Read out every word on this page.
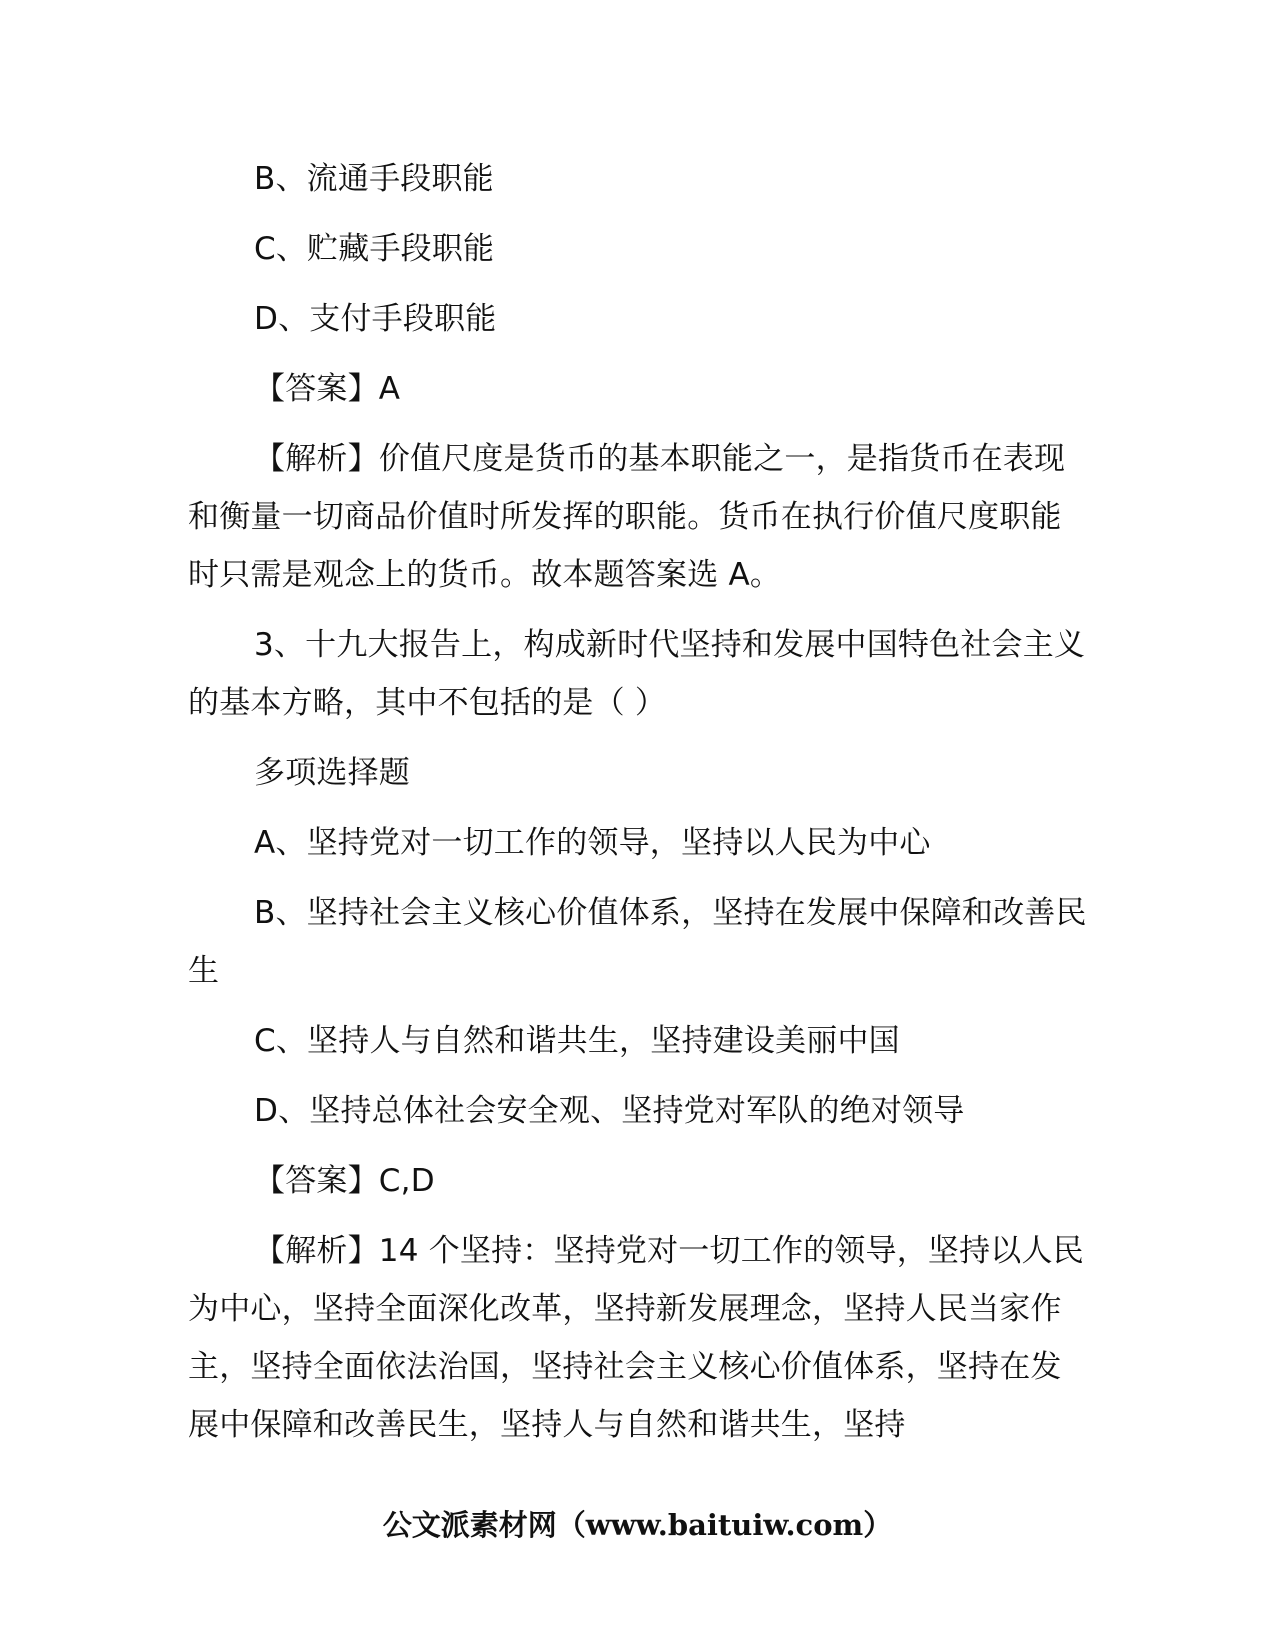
B、流通手段职能

C、贮藏手段职能

D、支付手段职能

【答案】A

【解析】价值尺度是货币的基本职能之一，是指货币在表现和衡量一切商品价值时所发挥的职能。货币在执行价值尺度职能时只需是观念上的货币。故本题答案选 A。

3、十九大报告上，构成新时代坚持和发展中国特色社会主义的基本方略，其中不包括的是（ ）

多项选择题

A、坚持党对一切工作的领导，坚持以人民为中心

B、坚持社会主义核心价值体系，坚持在发展中保障和改善民生

C、坚持人与自然和谐共生，坚持建设美丽中国

D、坚持总体社会安全观、坚持党对军队的绝对领导

【答案】C,D

【解析】14 个坚持：坚持党对一切工作的领导，坚持以人民为中心，坚持全面深化改革，坚持新发展理念，坚持人民当家作主，坚持全面依法治国，坚持社会主义核心价值体系，坚持在发展中保障和改善民生，坚持人与自然和谐共生，坚持

公文派素材网（www.baituiw.com）
